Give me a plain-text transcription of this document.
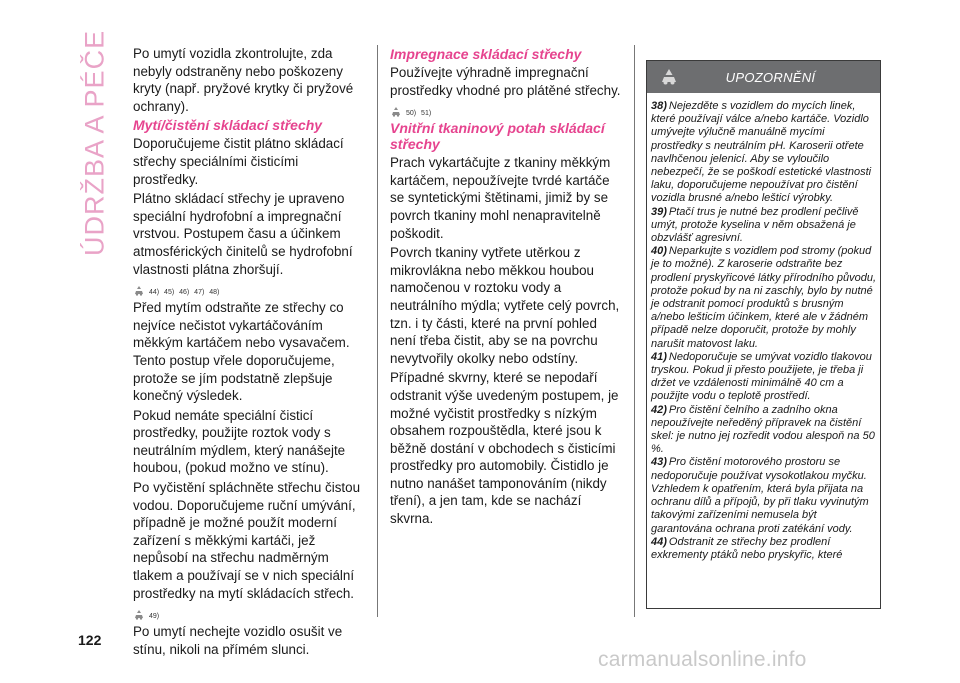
ÚDRŽBA A PÉČE
122

Po umytí vozidla zkontrolujte, zda nebyly odstraněny nebo poškozeny kryty (např. pryžové krytky či pryžové ochrany).

Mytí/čistění skládací střechy

Doporučujeme čistit plátno skládací střechy speciálními čisticími prostředky.

Plátno skládací střechy je upraveno speciální hydrofobní a impregnační vrstvou. Postupem času a účinkem atmosférických činitelů se hydrofobní vlastnosti plátna zhoršují.

44) 45) 46) 47) 48)

Před mytím odstraňte ze střechy co nejvíce nečistot vykartáčováním měkkým kartáčem nebo vysavačem. Tento postup vřele doporučujeme, protože se jím podstatně zlepšuje konečný výsledek.

Pokud nemáte speciální čisticí prostředky, použijte roztok vody s neutrálním mýdlem, který nanášejte houbou, (pokud možno ve stínu).

Po vyčistění spláchněte střechu čistou vodou. Doporučujeme ruční umývání, případně je možné použít moderní zařízení s měkkými kartáči, jež nepůsobí na střechu nadměrným tlakem a používají se v nich speciální prostředky na mytí skládacích střech.

49)

Po umytí nechejte vozidlo osušit ve stínu, nikoli na přímém slunci.

Impregnace skládací střechy

Používejte výhradně impregnační prostředky vhodné pro plátěné střechy.

50) 51)
Vnitřní tkaninový potah skládací střechy

Prach vykartáčujte z tkaniny měkkým kartáčem, nepoužívejte tvrdé kartáče se syntetickými štětinami, jimiž by se povrch tkaniny mohl nenapravitelně poškodit.

Povrch tkaniny vytřete utěrkou z mikrovlákna nebo měkkou houbou namočenou v roztoku vody a neutrálního mýdla; vytřete celý povrch, tzn. i ty části, které na první pohled není třeba čistit, aby se na povrchu nevytvořily okolky nebo odstíny.

Případné skvrny, které se nepodaří odstranit výše uvedeným postupem, je možné vyčistit prostředky s nízkým obsahem rozpouštědla, které jsou k běžně dostání v obchodech s čisticími prostředky pro automobily. Čistidlo je nutno nanášet tamponováním (nikdy tření), a jen tam, kde se nachází skvrna.

UPOZORNĚNÍ

38) Nejezděte s vozidlem do mycích linek, které používají válce a/nebo kartáče. Vozidlo umývejte výlučně manuálně mycími prostředky s neutrálním pH. Karoserii otřete navlhčenou jelenicí. Aby se vyloučilo nebezpečí, že se poškodí estetické vlastnosti laku, doporučujeme nepoužívat pro čistění vozidla brusné a/nebo lešticí výrobky.

39) Ptačí trus je nutné bez prodlení pečlivě umýt, protože kyselina v něm obsažená je obzvlášť agresivní.

40) Neparkujte s vozidlem pod stromy (pokud je to možné). Z karoserie odstraňte bez prodlení pryskyřicové látky přírodního původu, protože pokud by na ni zaschly, bylo by nutné je odstranit pomocí produktů s brusným a/nebo lešticím účinkem, které ale v žádném případě nelze doporučit, protože by mohly narušit matovost laku.

41) Nedoporučuje se umývat vozidlo tlakovou tryskou. Pokud ji přesto použijete, je třeba ji držet ve vzdálenosti minimálně 40 cm a použijte vodu o teplotě prostředí.

42) Pro čistění čelního a zadního okna nepoužívejte neředěný přípravek na čistění skel: je nutno jej rozředit vodou alespoň na 50 %.

43) Pro čistění motorového prostoru se nedoporučuje používat vysokotlakou myčku. Vzhledem k opatřením, která byla přijata na ochranu dílů a přípojů, by při tlaku vyvinutým takovými zařízeními nemusela být garantována ochrana proti zatékání vody.

44) Odstranit ze střechy bez prodlení exkrementy ptáků nebo pryskyřic, které

carmanualsonline.info
